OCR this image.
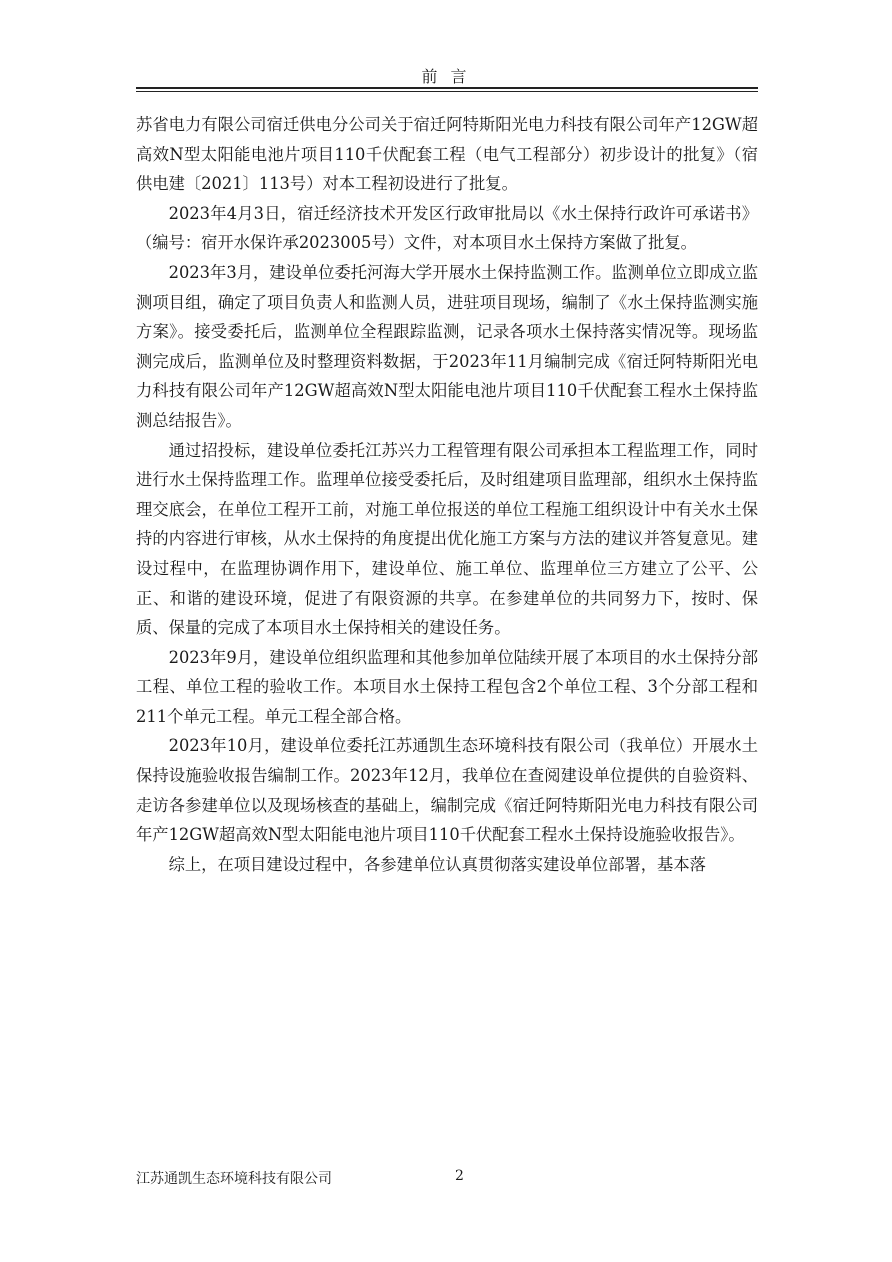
前 言

苏省电力有限公司宿迁供电分公司关于宿迁阿特斯阳光电力科技有限公司年产12GW超高效N型太阳能电池片项目110千伏配套工程（电气工程部分）初步设计的批复》（宿供电建〔2021〕113号）对本工程初设进行了批复。

2023年4月3日，宿迁经济技术开发区行政审批局以《水土保持行政许可承诺书》（编号：宿开水保许承2023005号）文件，对本项目水土保持方案做了批复。

2023年3月，建设单位委托河海大学开展水土保持监测工作。监测单位立即成立监测项目组，确定了项目负责人和监测人员，进驻项目现场，编制了《水土保持监测实施方案》。接受委托后，监测单位全程跟踪监测，记录各项水土保持落实情况等。现场监测完成后，监测单位及时整理资料数据，于2023年11月编制完成《宿迁阿特斯阳光电力科技有限公司年产12GW超高效N型太阳能电池片项目110千伏配套工程水土保持监测总结报告》。

通过招投标，建设单位委托江苏兴力工程管理有限公司承担本工程监理工作，同时进行水土保持监理工作。监理单位接受委托后，及时组建项目监理部，组织水土保持监理交底会，在单位工程开工前，对施工单位报送的单位工程施工组织设计中有关水土保持的内容进行审核，从水土保持的角度提出优化施工方案与方法的建议并答复意见。建设过程中，在监理协调作用下，建设单位、施工单位、监理单位三方建立了公平、公正、和谐的建设环境，促进了有限资源的共享。在参建单位的共同努力下，按时、保质、保量的完成了本项目水土保持相关的建设任务。

2023年9月，建设单位组织监理和其他参加单位陆续开展了本项目的水土保持分部工程、单位工程的验收工作。本项目水土保持工程包含2个单位工程、3个分部工程和211个单元工程。单元工程全部合格。

2023年10月，建设单位委托江苏通凯生态环境科技有限公司（我单位）开展水土保持设施验收报告编制工作。2023年12月，我单位在查阅建设单位提供的自验资料、走访各参建单位以及现场核查的基础上，编制完成《宿迁阿特斯阳光电力科技有限公司年产12GW超高效N型太阳能电池片项目110千伏配套工程水土保持设施验收报告》。

综上，在项目建设过程中，各参建单位认真贯彻落实建设单位部署，基本落

江苏通凯生态环境科技有限公司	2
